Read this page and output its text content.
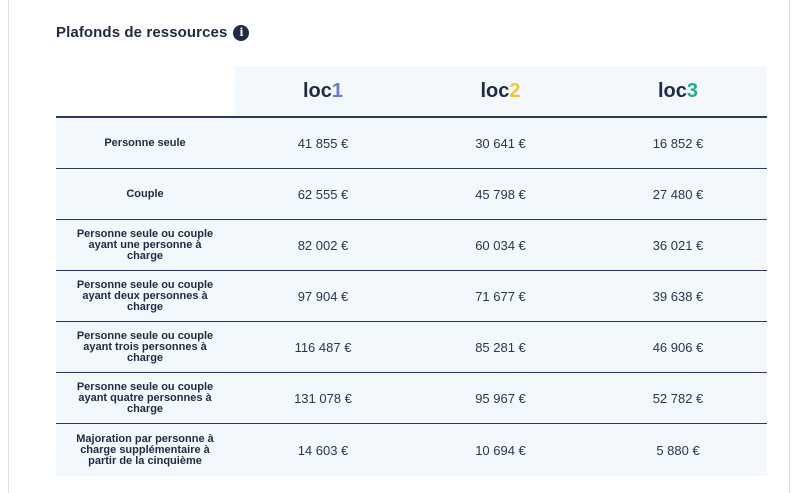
Plafonds de ressources	i
	loc1	loc2	loc3
Personne seule	41 855 €	30 641 €	16 852 €
Couple	62 555 €	45 798 €	27 480 €
Personne seule ou couple ayant une personne à charge	82 002 €	60 034 €	36 021 €
Personne seule ou couple ayant deux personnes à charge	97 904 €	71 677 €	39 638 €
Personne seule ou couple ayant trois personnes à charge	116 487 €	85 281 €	46 906 €
Personne seule ou couple ayant quatre personnes à charge	131 078 €	95 967 €	52 782 €
Majoration par personne à charge supplémentaire à partir de la cinquième	14 603 €	10 694 €	5 880 €
